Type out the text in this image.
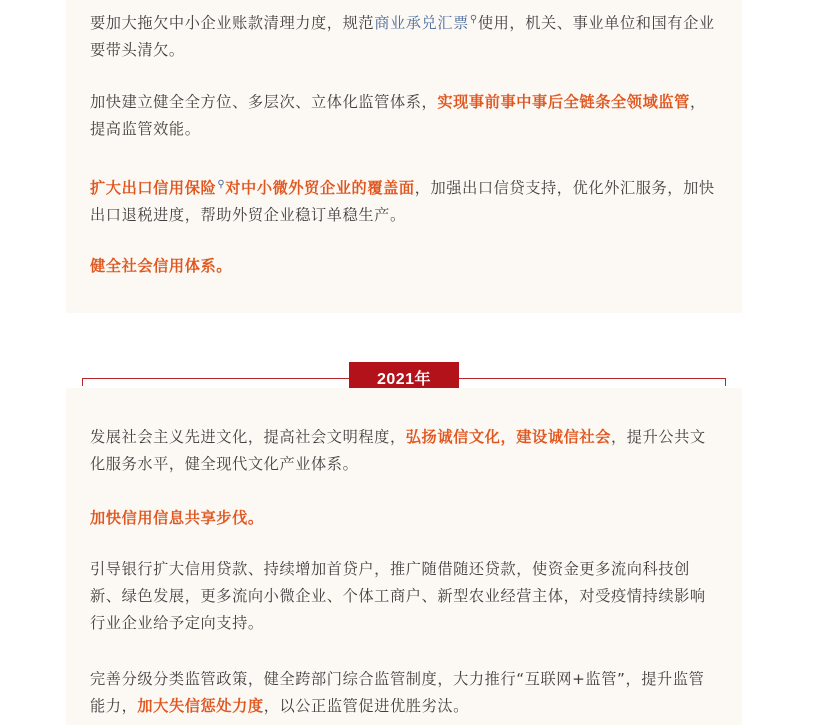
要加大拖欠中小企业账款清理力度，规范商业承兑汇票⚲使用，机关、事业单位和国有企业要带头清欠。

加快建立健全全方位、多层次、立体化监管体系，实现事前事中事后全链条全领域监管，提高监管效能。

扩大出口信用保险⚲对中小微外贸企业的覆盖面，加强出口信贷支持，优化外汇服务，加快出口退税进度，帮助外贸企业稳订单稳生产。

健全社会信用体系。

2021年

发展社会主义先进文化，提高社会文明程度，弘扬诚信文化，建设诚信社会，提升公共文化服务水平，健全现代文化产业体系。

加快信用信息共享步伐。

引导银行扩大信用贷款、持续增加首贷户，推广随借随还贷款，使资金更多流向科技创新、绿色发展，更多流向小微企业、个体工商户、新型农业经营主体，对受疫情持续影响行业企业给予定向支持。

完善分级分类监管政策，健全跨部门综合监管制度，大力推行“互联网+监管”，提升监管能力，加大失信惩处力度，以公正监管促进优胜劣汰。
